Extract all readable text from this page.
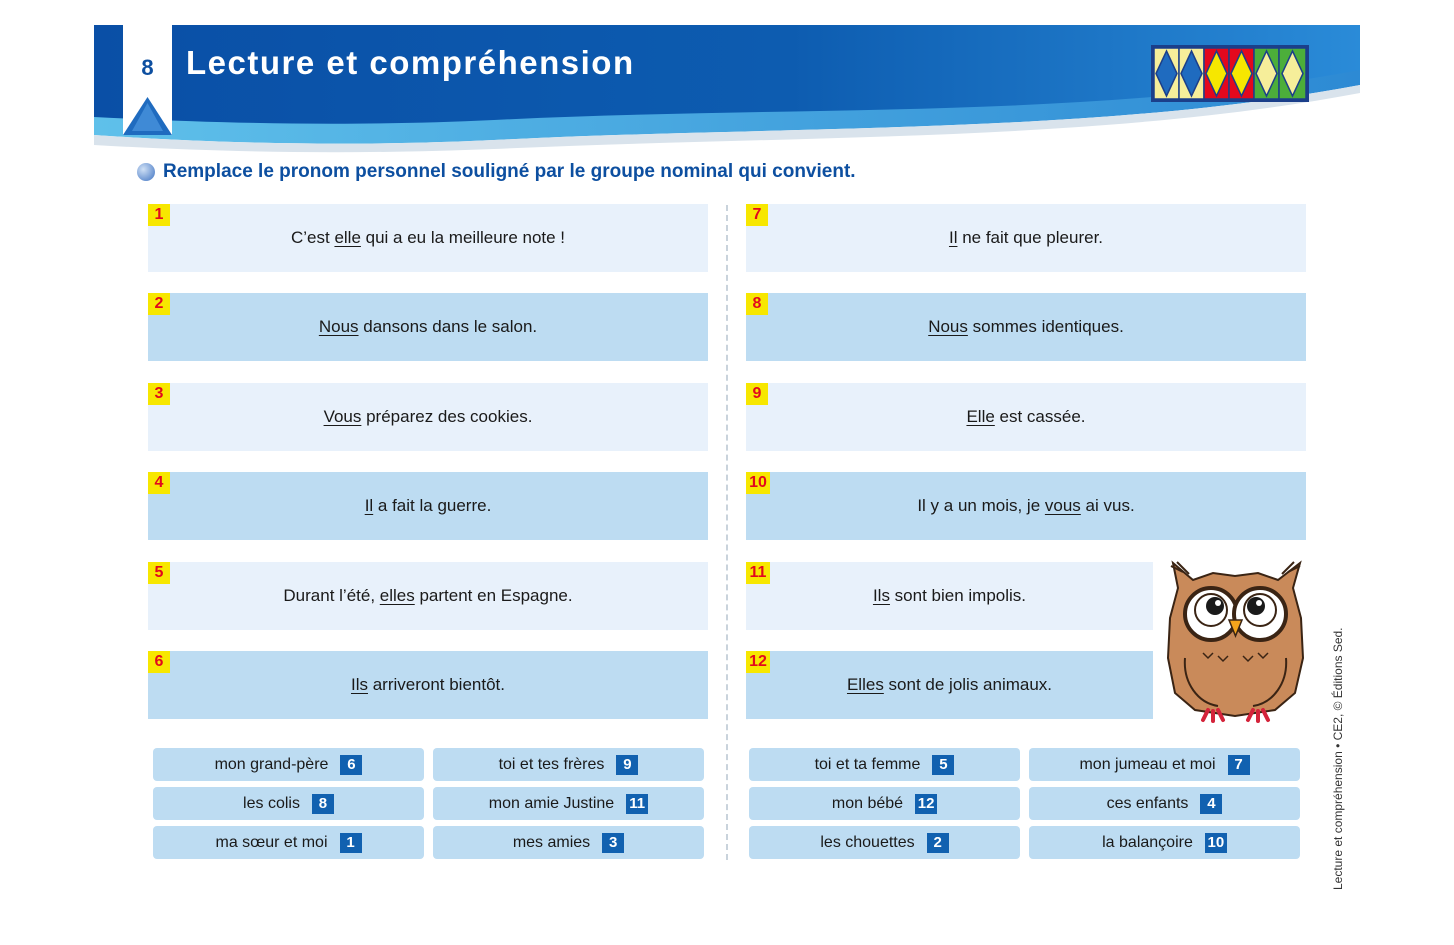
8 Lecture et compréhension
Remplace le pronom personnel souligné par le groupe nominal qui convient.
1
C’est elle qui a eu la meilleure note !
2
Nous dansons dans le salon.
3
Vous préparez des cookies.
4
Il a fait la guerre.
5
Durant l’été, elles partent en Espagne.
6
Ils arriveront bientôt.
7
Il ne fait que pleurer.
8
Nous sommes identiques.
9
Elle est cassée.
10
Il y a un mois, je vous ai vus.
11
Ils sont bien impolis.
12
Elles sont de jolis animaux.
mon grand-père	6
les colis	8
ma sœur et moi	1
toi et tes frères	9
mon amie Justine 11
mes amies	3
toi et ta femme	5
mon bébé 12
les chouettes	2
mon jumeau et moi	7
ces enfants	4
la balançoire 10	Lecture et compréhension • CE2, © Éditions Sed.
